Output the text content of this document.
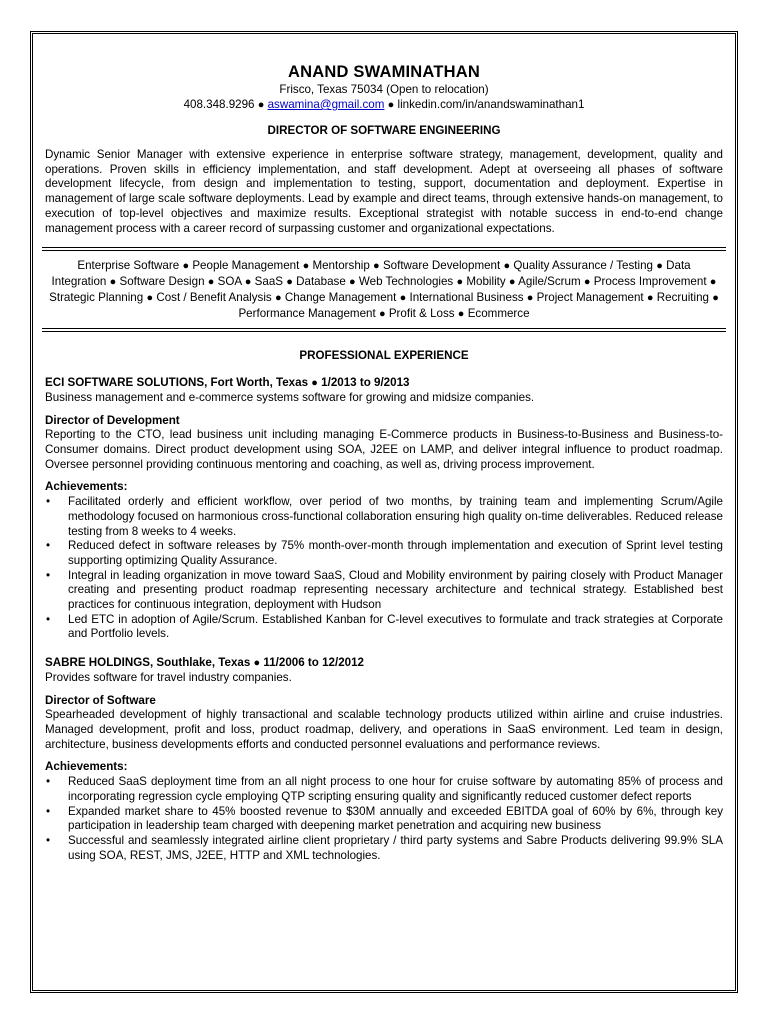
ANAND SWAMINATHAN
Frisco, Texas 75034 (Open to relocation)
408.348.9296 ● aswamina@gmail.com ● linkedin.com/in/anandswaminathan1
DIRECTOR OF SOFTWARE ENGINEERING

Dynamic Senior Manager with extensive experience in enterprise software strategy, management, development, quality and operations. Proven skills in efficiency implementation, and staff development. Adept at overseeing all phases of software development lifecycle, from design and implementation to testing, support, documentation and deployment. Expertise in management of large scale software deployments. Lead by example and direct teams, through extensive hands-on management, to execution of top-level objectives and maximize results. Exceptional strategist with notable success in end-to-end change management process with a career record of surpassing customer and organizational expectations.

Enterprise Software ● People Management ● Mentorship ● Software Development ● Quality Assurance / Testing ● Data Integration ● Software Design ● SOA ● SaaS ● Database ● Web Technologies ● Mobility ● Agile/Scrum ● Process Improvement ● Strategic Planning ● Cost / Benefit Analysis ● Change Management ● International Business ● Project Management ● Recruiting ● Performance Management ● Profit & Loss ● Ecommerce
PROFESSIONAL EXPERIENCE
ECI SOFTWARE SOLUTIONS, Fort Worth, Texas ● 1/2013 to 9/2013

Business management and e-commerce systems software for growing and midsize companies.

Director of Development

Reporting to the CTO, lead business unit including managing E-Commerce products in Business-to-Business and Business-to-Consumer domains. Direct product development using SOA, J2EE on LAMP, and deliver integral influence to product roadmap. Oversee personnel providing continuous mentoring and coaching, as well as, driving process improvement.

Achievements:
• Facilitated orderly and efficient workflow, over period of two months, by training team and implementing Scrum/Agile methodology focused on harmonious cross-functional collaboration ensuring high quality on-time deliverables. Reduced release testing from 8 weeks to 4 weeks.
• Reduced defect in software releases by 75% month-over-month through implementation and execution of Sprint level testing supporting optimizing Quality Assurance.
• Integral in leading organization in move toward SaaS, Cloud and Mobility environment by pairing closely with Product Manager creating and presenting product roadmap representing necessary architecture and technical strategy. Established best practices for continuous integration, deployment with Hudson
• Led ETC in adoption of Agile/Scrum. Established Kanban for C-level executives to formulate and track strategies at Corporate and Portfolio levels.
SABRE HOLDINGS, Southlake, Texas ● 11/2006 to 12/2012

Provides software for travel industry companies.

Director of Software

Spearheaded development of highly transactional and scalable technology products utilized within airline and cruise industries. Managed development, profit and loss, product roadmap, delivery, and operations in SaaS environment. Led team in design, architecture, business developments efforts and conducted personnel evaluations and performance reviews.

Achievements:
• Reduced SaaS deployment time from an all night process to one hour for cruise software by automating 85% of process and incorporating regression cycle employing QTP scripting ensuring quality and significantly reduced customer defect reports
• Expanded market share to 45% boosted revenue to $30M annually and exceeded EBITDA goal of 60% by 6%, through key participation in leadership team charged with deepening market penetration and acquiring new business
• Successful and seamlessly integrated airline client proprietary / third party systems and Sabre Products delivering 99.9% SLA using SOA, REST, JMS, J2EE, HTTP and XML technologies.
